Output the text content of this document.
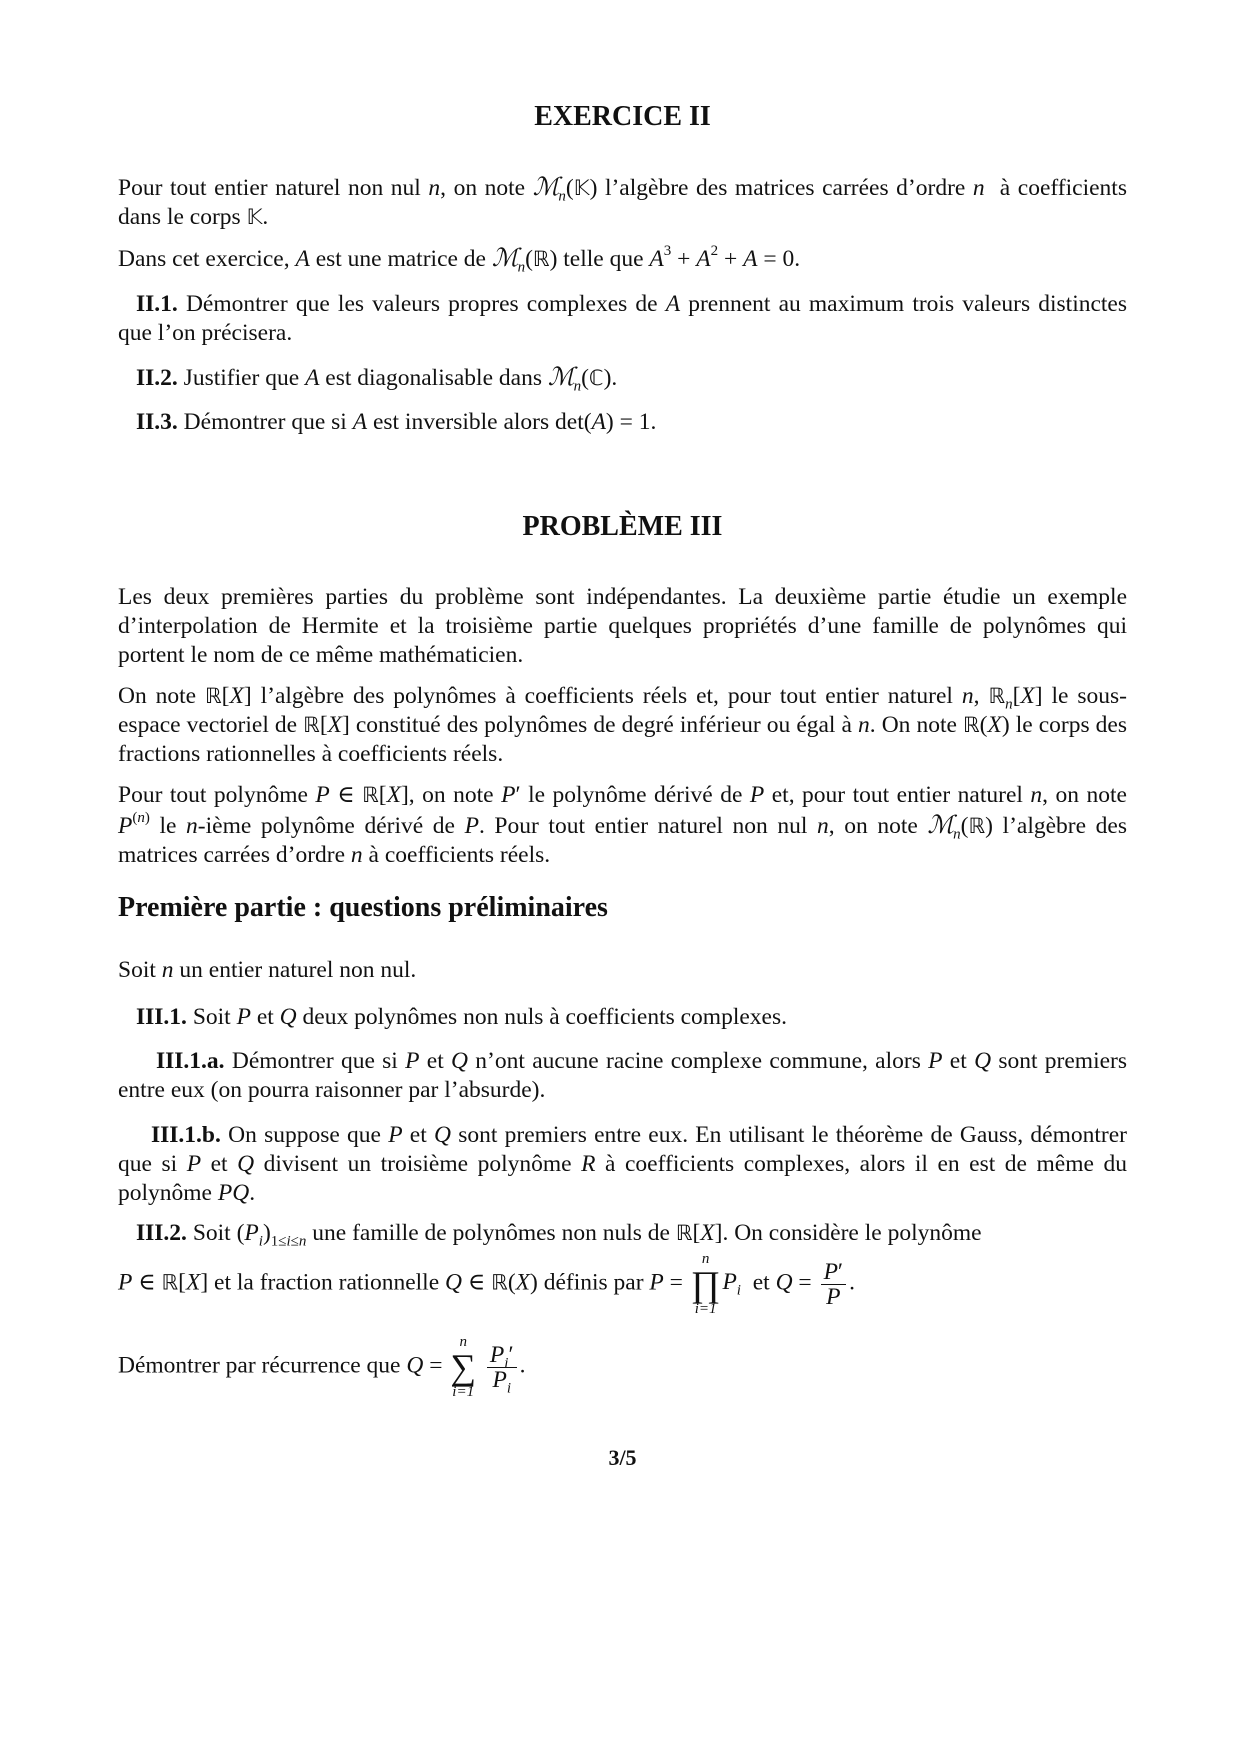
EXERCICE II
Pour tout entier naturel non nul n, on note ℳ$_n$(𝕂) l’algèbre des matrices carrées d’ordre n  à coefficients dans le corps 𝕂.
Dans cet exercice, A est une matrice de ℳ$_n$(ℝ) telle que $A^3 + A^2 + A = 0$.
II.1. Démontrer que les valeurs propres complexes de A prennent au maximum trois valeurs distinctes que l’on précisera.
II.2. Justifier que A est diagonalisable dans ℳ$_n$(ℂ).
II.3. Démontrer que si A est inversible alors det(A) = 1.
PROBLÈME III
Les deux premières parties du problème sont indépendantes. La deuxième partie étudie un exemple d’interpolation de Hermite et la troisième partie quelques propriétés d’une famille de polynômes qui portent le nom de ce même mathématicien.
On note ℝ[X] l’algèbre des polynômes à coefficients réels et, pour tout entier naturel n, ℝ$_n$[X] le sous-espace vectoriel de ℝ[X] constitué des polynômes de degré inférieur ou égal à n. On note ℝ(X) le corps des fractions rationnelles à coefficients réels.
Pour tout polynôme P ∈ ℝ[X], on note P′ le polynôme dérivé de P et, pour tout entier naturel n, on note $P^{(n)}$ le n-ième polynôme dérivé de P. Pour tout entier naturel non nul n, on note ℳ$_n$(ℝ) l’algèbre des matrices carrées d’ordre n à coefficients réels.
Première partie : questions préliminaires
Soit n un entier naturel non nul.
III.1. Soit P et Q deux polynômes non nuls à coefficients complexes.
III.1.a. Démontrer que si P et Q n’ont aucune racine complexe commune, alors P et Q sont premiers entre eux (on pourra raisonner par l’absurde).
III.1.b. On suppose que P et Q sont premiers entre eux. En utilisant le théorème de Gauss, démontrer que si P et Q divisent un troisième polynôme R à coefficients complexes, alors il en est de même du polynôme PQ.
III.2. Soit $(P_i)_{1\le i\le n}$ une famille de polynômes non nuls de ℝ[X]. On considère le polynôme
P ∈ ℝ[X] et la fraction rationnelle Q ∈ ℝ(X) définis par P =
n
∏
i=1
$P_i$  et $Q = \frac{P'}{P}$ .
Démontrer par récurrence que Q =
n
∑
i=1

$\frac{P_i'}{P_i}$ .
3/5
